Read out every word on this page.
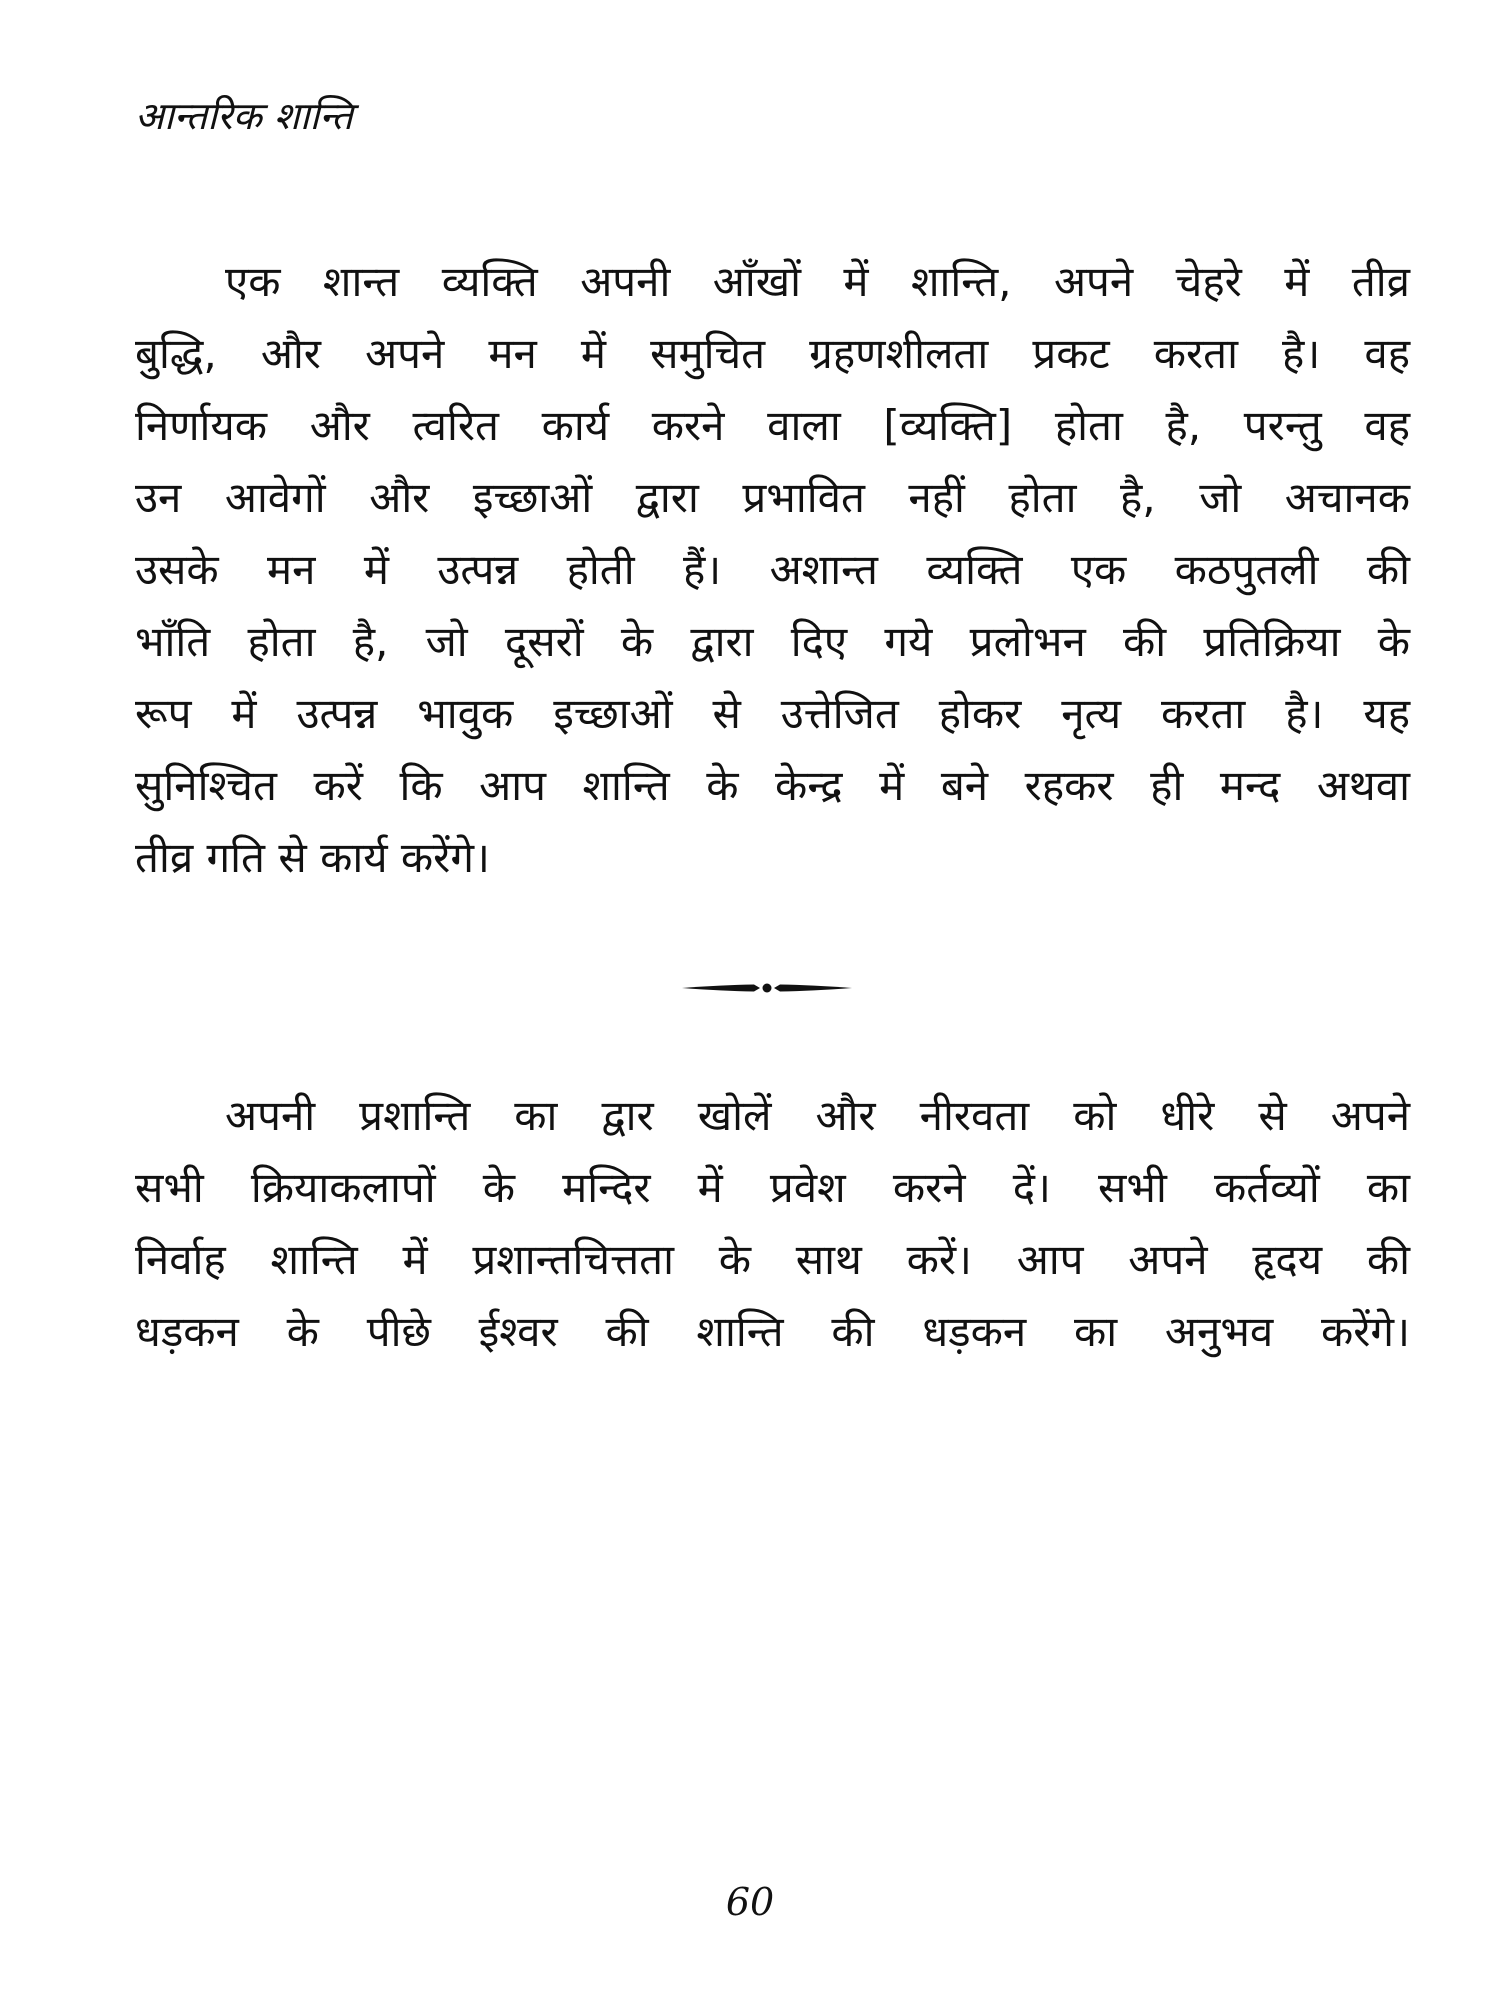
आन्तरिक शान्ति
एक शान्त व्यक्ति अपनी आँखों में शान्ति, अपने चेहरे में तीव्र
बुद्धि, और अपने मन में समुचित ग्रहणशीलता प्रकट करता है। वह
निर्णायक और त्वरित कार्य करने वाला [व्यक्ति] होता है, परन्तु वह
उन आवेगों और इच्छाओं द्वारा प्रभावित नहीं होता है, जो अचानक
उसके मन में उत्पन्न होती हैं। अशान्त व्यक्ति एक कठपुतली की
भाँति होता है, जो दूसरों के द्वारा दिए गये प्रलोभन की प्रतिक्रिया के
रूप में उत्पन्न भावुक इच्छाओं से उत्तेजित होकर नृत्य करता है। यह
सुनिश्चित करें कि आप शान्ति के केन्द्र में बने रहकर ही मन्द अथवा
तीव्र गति से कार्य करेंगे।
अपनी प्रशान्ति का द्वार खोलें और नीरवता को धीरे से अपने
सभी क्रियाकलापों के मन्दिर में प्रवेश करने दें। सभी कर्तव्यों का
निर्वाह शान्ति में प्रशान्तचित्तता के साथ करें। आप अपने हृदय की
धड़कन के पीछे ईश्वर की शान्ति की धड़कन का अनुभव करेंगे।
60
